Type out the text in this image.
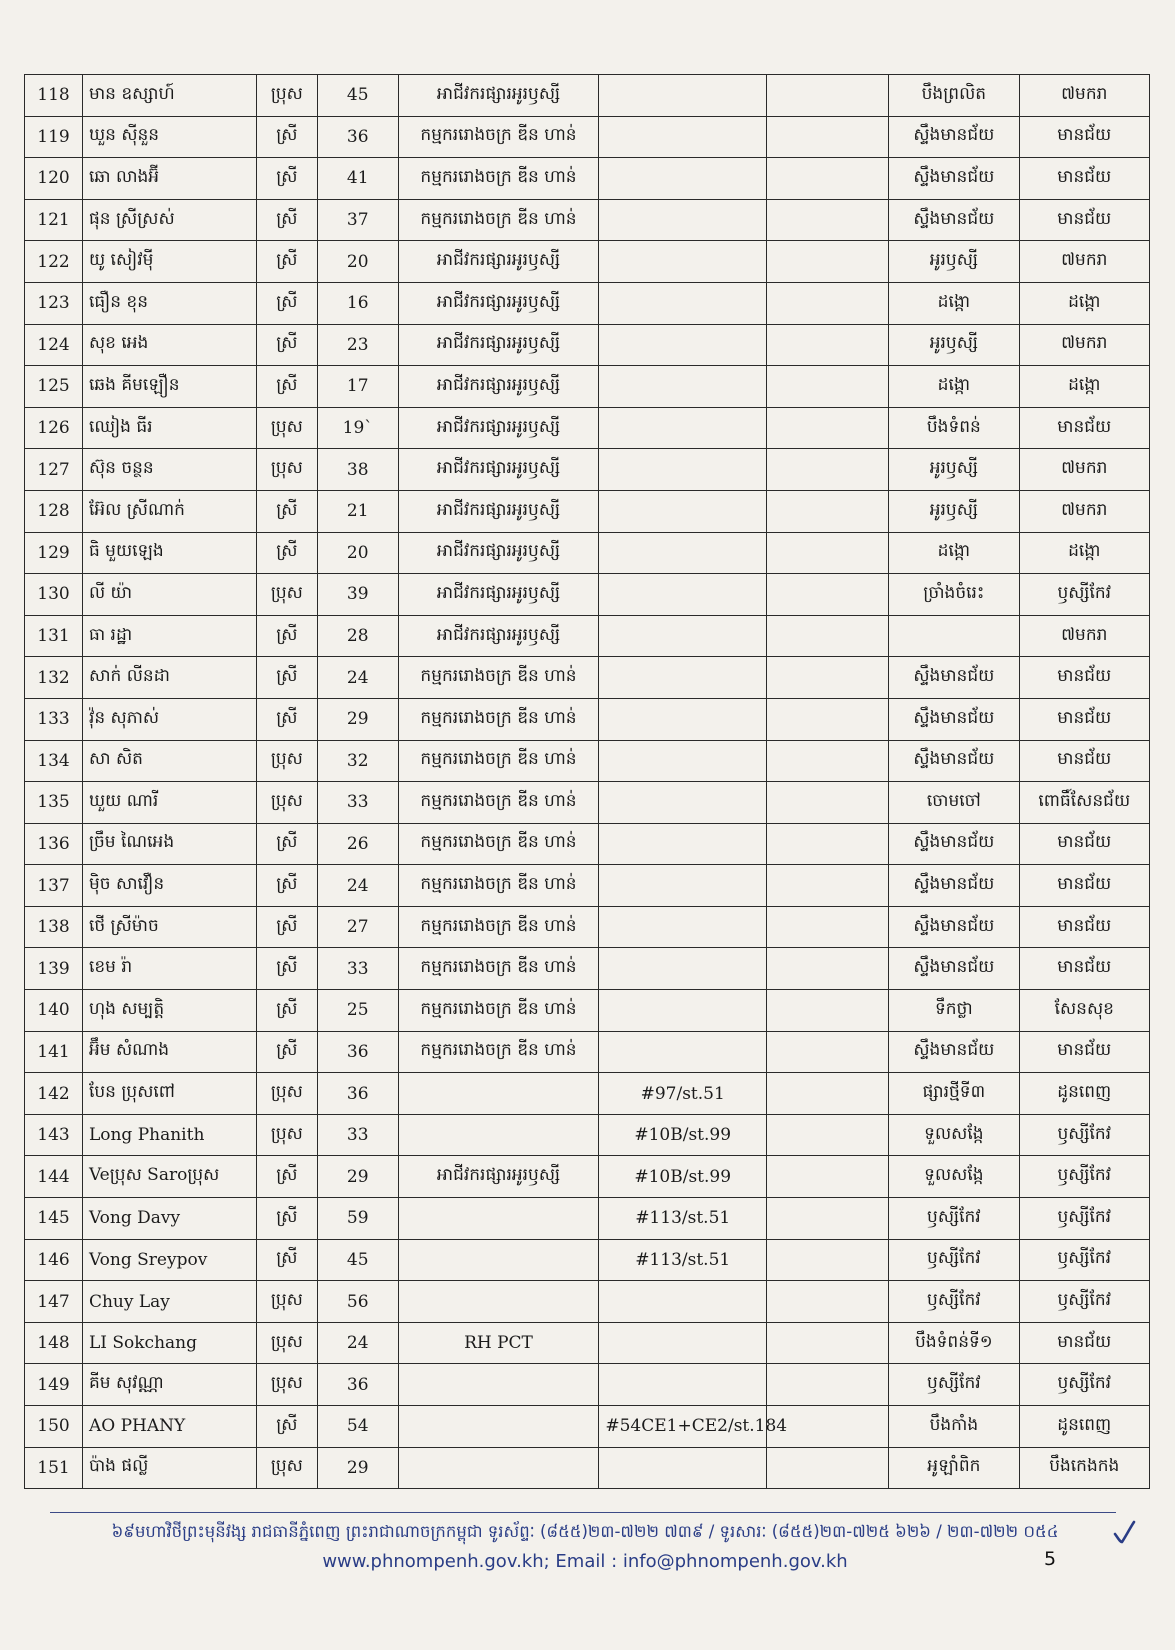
118	មាន ឧស្សាហ៍	ប្រុស	45	អាជីវករផ្សារអូរឫស្សី			បឹងព្រលិត	៧មករា
119	ឃួន ស៊ីនួន	ស្រី	36	កម្មកររោងចក្រ ឌីន ហាន់			ស្ទឹងមានជ័យ	មានជ័យ
120	ឆោ លាងអ៊ី	ស្រី	41	កម្មកររោងចក្រ ឌីន ហាន់			ស្ទឹងមានជ័យ	មានជ័យ
121	ផុន ស្រីស្រស់	ស្រី	37	កម្មកររោងចក្រ ឌីន ហាន់			ស្ទឹងមានជ័យ	មានជ័យ
122	យូ សៀវម៉ី	ស្រី	20	អាជីវករផ្សារអូរឫស្សី			អូរឫស្សី	៧មករា
123	ធឿន ខុន	ស្រី	16	អាជីវករផ្សារអូរឫស្សី			ដង្កោ	ដង្កោ
124	សុខ អេង	ស្រី	23	អាជីវករផ្សារអូរឫស្សី			អូរឫស្សី	៧មករា
125	ឆេង គីមឡឿន	ស្រី	17	អាជីវករផ្សារអូរឫស្សី			ដង្កោ	ដង្កោ
126	ឈៀង ធីរ	ប្រុស	19`	អាជីវករផ្សារអូរឫស្សី			បឹងទំពន់	មានជ័យ
127	ស៊ុន ចន្ថន	ប្រុស	38	អាជីវករផ្សារអូរឫស្សី			អូរឫស្សី	៧មករា
128	អ៊ែល ស្រីណាក់	ស្រី	21	អាជីវករផ្សារអូរឫស្សី			អូរឫស្សី	៧មករា
129	ធិ មួយឡេង	ស្រី	20	អាជីវករផ្សារអូរឫស្សី			ដង្កោ	ដង្កោ
130	លី យ៉ា	ប្រុស	39	អាជីវករផ្សារអូរឫស្សី			ច្រាំងចំរេះ	ឫស្សីកែវ
131	ធា រដ្ឋា	ស្រី	28	អាជីវករផ្សារអូរឫស្សី				៧មករា
132	សាក់ លីនដា	ស្រី	24	កម្មកររោងចក្រ ឌីន ហាន់			ស្ទឹងមានជ័យ	មានជ័យ
133	វ៉ុន សុភាស់	ស្រី	29	កម្មកររោងចក្រ ឌីន ហាន់			ស្ទឹងមានជ័យ	មានជ័យ
134	សា សិត	ប្រុស	32	កម្មកររោងចក្រ ឌីន ហាន់			ស្ទឹងមានជ័យ	មានជ័យ
135	ឃួយ ណារី	ប្រុស	33	កម្មកររោងចក្រ ឌីន ហាន់			ចោមចៅ	ពោធិ៍សែនជ័យ
136	ច្រឹម ណៃអេង	ស្រី	26	កម្មកររោងចក្រ ឌីន ហាន់			ស្ទឹងមានជ័យ	មានជ័យ
137	ម៉ិច សាវឿន	ស្រី	24	កម្មកររោងចក្រ ឌីន ហាន់			ស្ទឹងមានជ័យ	មានជ័យ
138	ថើ ស្រីម៉ាច	ស្រី	27	កម្មកររោងចក្រ ឌីន ហាន់			ស្ទឹងមានជ័យ	មានជ័យ
139	ខេម រ៉ា	ស្រី	33	កម្មកររោងចក្រ ឌីន ហាន់			ស្ទឹងមានជ័យ	មានជ័យ
140	ហុង សម្បត្តិ	ស្រី	25	កម្មកររោងចក្រ ឌីន ហាន់			ទឹកថ្លា	សែនសុខ
141	អ៊ឹម សំណាង	ស្រី	36	កម្មកររោងចក្រ ឌីន ហាន់			ស្ទឹងមានជ័យ	មានជ័យ
142	បែន ប្រុសពៅ	ប្រុស	36		#97/st.51		ផ្សារថ្មីទី៣	ដូនពេញ
143	Long Phanith	ប្រុស	33		#10B/st.99		ទួលសង្កែ	ឫស្សីកែវ
144	Veប្រុស Saroប្រុស	ស្រី	29	អាជីវករផ្សារអូរឫស្សី	#10B/st.99		ទួលសង្កែ	ឫស្សីកែវ
145	Vong Davy	ស្រី	59		#113/st.51		ឫស្សីកែវ	ឫស្សីកែវ
146	Vong Sreypov	ស្រី	45		#113/st.51		ឫស្សីកែវ	ឫស្សីកែវ
147	Chuy Lay	ប្រុស	56				ឫស្សីកែវ	ឫស្សីកែវ
148	LI Sokchang	ប្រុស	24	RH PCT			បឹងទំពន់ទី១	មានជ័យ
149	គីម សុវណ្ណា	ប្រុស	36				ឫស្សីកែវ	ឫស្សីកែវ
150	AO PHANY	ស្រី	54		#54CE1+CE2/st.184		បឹងកាំង	ដូនពេញ
151	ប៉ាង ផល្លី	ប្រុស	29				អូឡាំពិក	បឹងកេងកង
៦៩មហាវិថីព្រះមុនីវង្ស រាជធានីភ្នំពេញ ព្រះរាជាណាចក្រកម្ពុជា ទូរស័ព្ទៈ (៨៥៥)២៣-៧២២ ៧៣៩ / ទូរសារៈ (៨៥៥)២៣-៧២៥ ៦២៦ / ២៣-៧២២ ០៥៤
www.phnompenh.gov.kh; Email : info@phnompenh.gov.kh	5
